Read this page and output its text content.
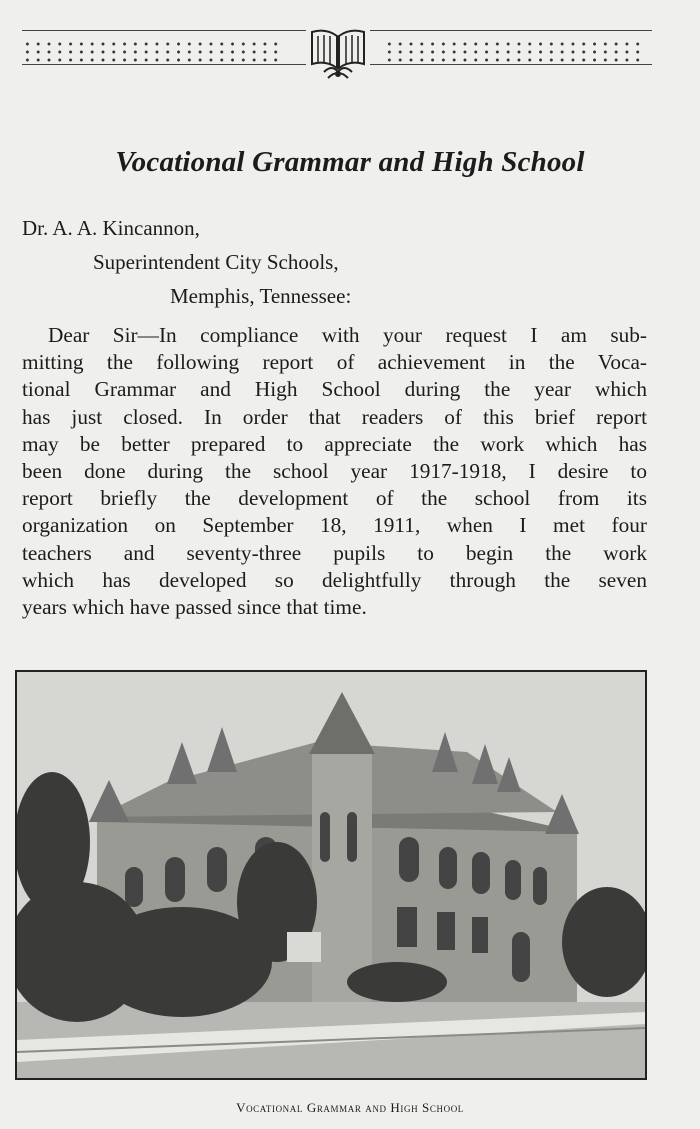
Vocational Grammar and High School
Dr. A. A. Kincannon,
Superintendent City Schools,
Memphis, Tennessee:
Dear Sir—In compliance with your request I am sub-
mitting the following report of achievement in the Voca-
tional Grammar and High School during the year which
has just closed. In order that readers of this brief report
may be better prepared to appreciate the work which has
been done during the school year 1917-1918, I desire to
report briefly the development of the school from its
organization on September 18, 1911, when I met four
teachers and seventy-three pupils to begin the work
which has developed so delightfully through the seven
years which have passed since that time.
Vocational Grammar and High School
